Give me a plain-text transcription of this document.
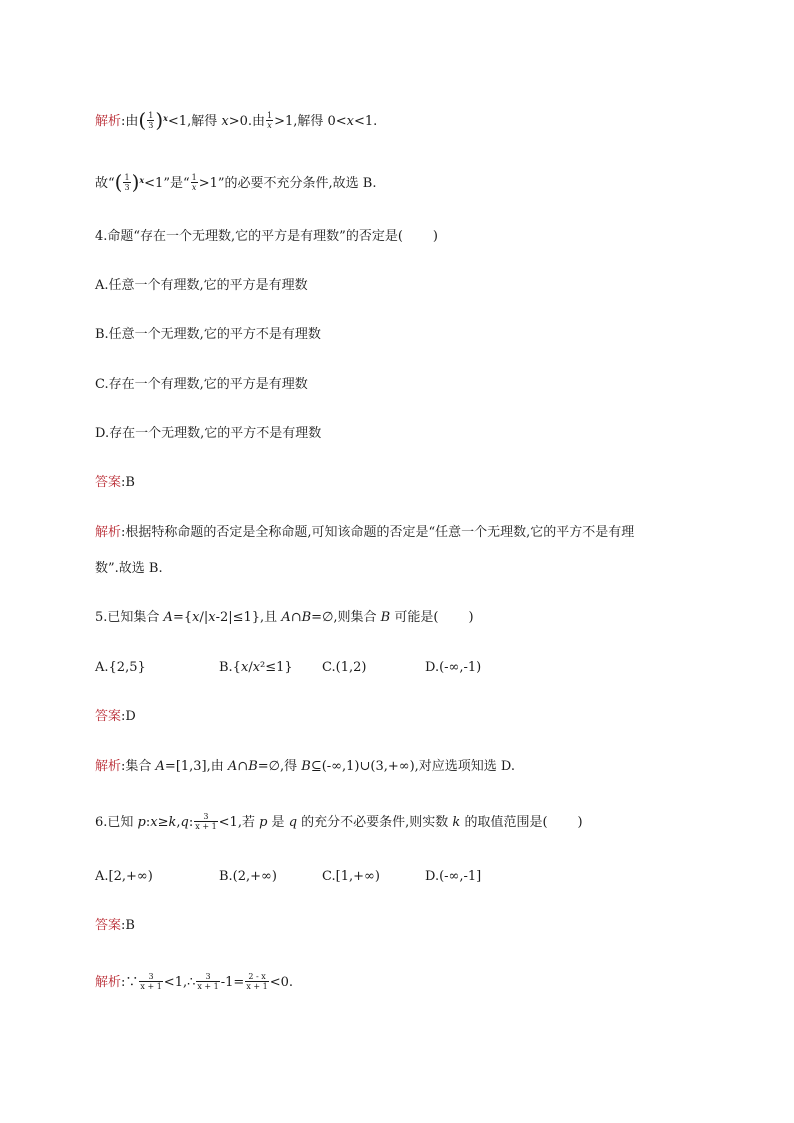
解析:由( $\frac{1}{3} )^x<1$,解得 x>0.由 $\frac{1}{x} >1$,解得 0<x<1.
故“( $\frac{1}{3} )^x<1$”是“ $\frac{1}{x} >1$”的必要不充分条件,故选 B.
4.命题“存在一个无理数,它的平方是有理数”的否定是( )
A.任意一个有理数,它的平方是有理数
B.任意一个无理数,它的平方不是有理数
C.存在一个有理数,它的平方是有理数
D.存在一个无理数,它的平方不是有理数
答案:B
解析:根据特称命题的否定是全称命题,可知该命题的否定是“任意一个无理数,它的平方不是有理
数”.故选 B.
5.已知集合 A={x/|x-2|≤1},且 A∩B=∅,则集合 B 可能是( )
A.{2,5}	B.{x/x²≤1} C.(1,2)	D.(-∞,-1)
答案:D
解析:集合 A=[1,3],由 A∩B=∅,得 B⊆(-∞,1)∪(3,+∞),对应选项知选 D.
6.已知 p:x≥k,q: $\frac{3}{x + 1} <1$,若 p 是 q 的充分不必要条件,则实数 k 的取值范围是( )
A.[2,+∞)	B.(2,+∞)	C.[1,+∞)	D.(-∞,-1]
答案:B
解析:∵ $\frac{3}{x + 1}$ <1,∴ $\frac{3}{x + 1} -1= \frac{2 - x}{x + 1} <0$.
